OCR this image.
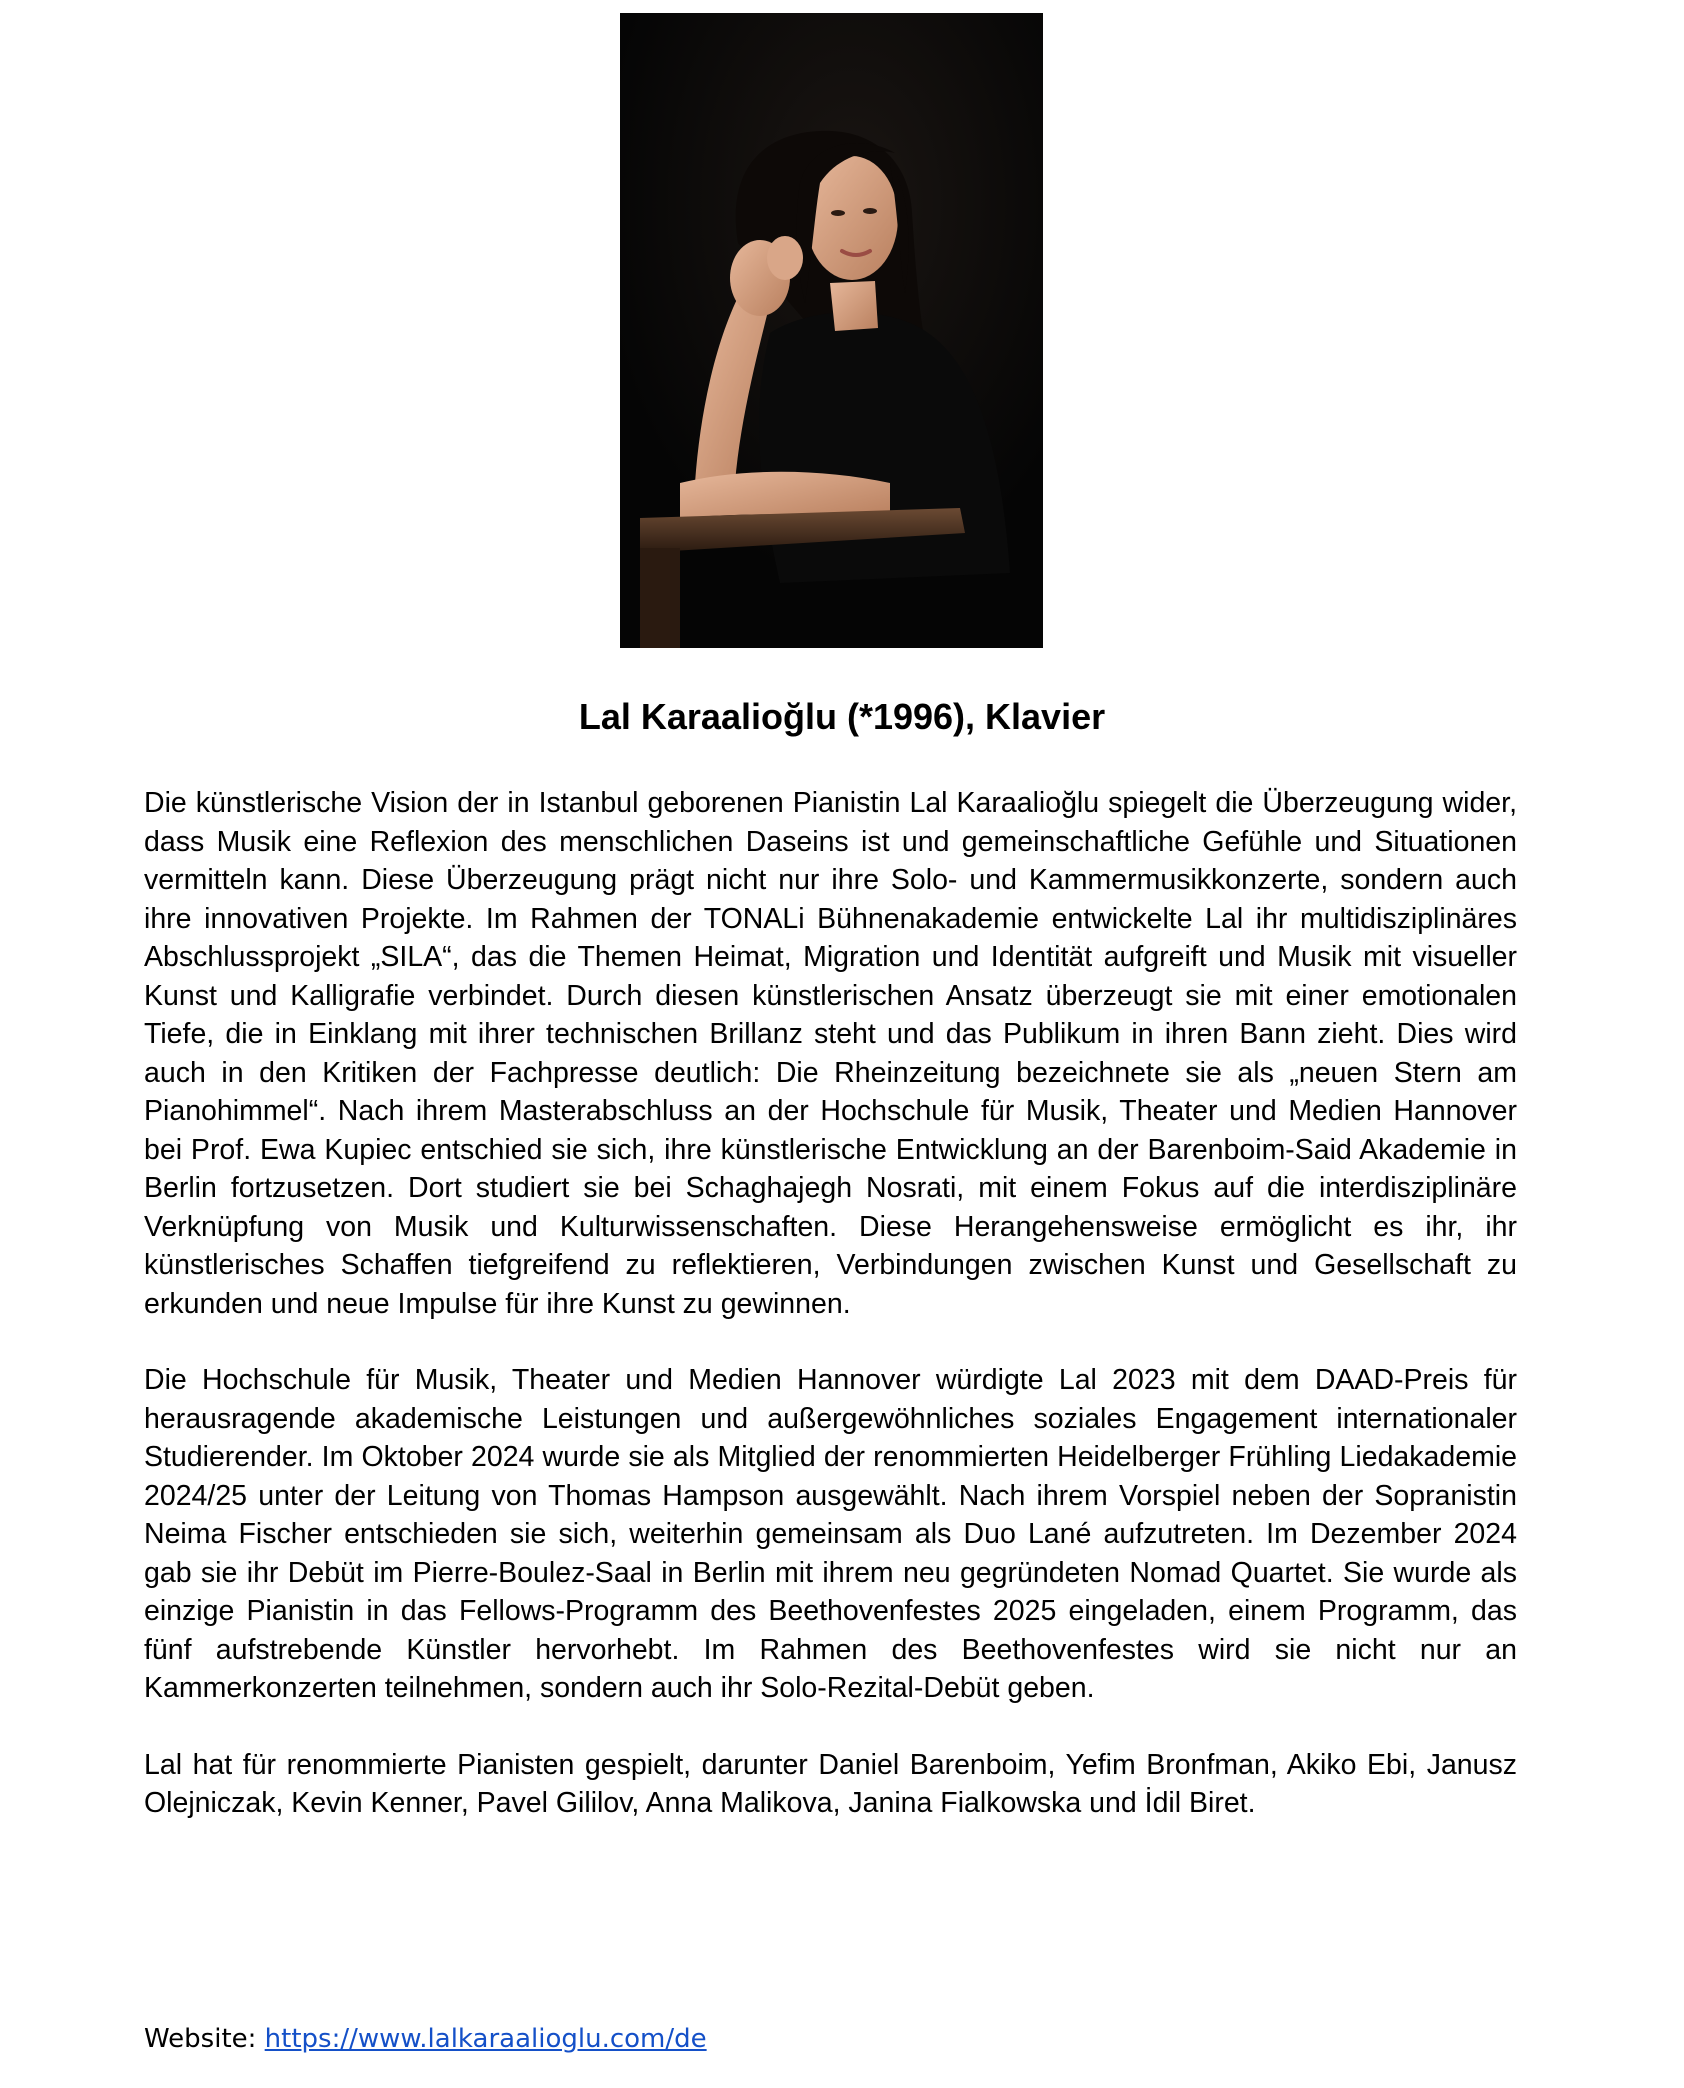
Lal Karaalioğlu (*1996), Klavier

Die künstlerische Vision der in Istanbul geborenen Pianistin Lal Karaalioğlu spiegelt die Überzeugung wider, dass Musik eine Reflexion des menschlichen Daseins ist und gemeinschaftliche Gefühle und Situationen vermitteln kann. Diese Überzeugung prägt nicht nur ihre Solo- und Kammermusikkonzerte, sondern auch ihre innovativen Projekte. Im Rahmen der TONALi Bühnenakademie entwickelte Lal ihr multidisziplinäres Abschlussprojekt „SILA“, das die Themen Heimat, Migration und Identität aufgreift und Musik mit visueller Kunst und Kalligrafie verbindet. Durch diesen künstlerischen Ansatz überzeugt sie mit einer emotionalen Tiefe, die in Einklang mit ihrer technischen Brillanz steht und das Publikum in ihren Bann zieht. Dies wird auch in den Kritiken der Fachpresse deutlich: Die Rheinzeitung bezeichnete sie als „neuen Stern am Pianohimmel“. Nach ihrem Masterabschluss an der Hochschule für Musik, Theater und Medien Hannover bei Prof. Ewa Kupiec entschied sie sich, ihre künstlerische Entwicklung an der Barenboim-Said Akademie in Berlin fortzusetzen. Dort studiert sie bei Schaghajegh Nosrati, mit einem Fokus auf die interdisziplinäre Verknüpfung von Musik und Kulturwissenschaften. Diese Herangehensweise ermöglicht es ihr, ihr künstlerisches Schaffen tiefgreifend zu reflektieren, Verbindungen zwischen Kunst und Gesellschaft zu erkunden und neue Impulse für ihre Kunst zu gewinnen.

Die Hochschule für Musik, Theater und Medien Hannover würdigte Lal 2023 mit dem DAAD-Preis für herausragende akademische Leistungen und außergewöhnliches soziales Engagement internationaler Studierender. Im Oktober 2024 wurde sie als Mitglied der renommierten Heidelberger Frühling Liedakademie 2024/25 unter der Leitung von Thomas Hampson ausgewählt. Nach ihrem Vorspiel neben der Sopranistin Neima Fischer entschieden sie sich, weiterhin gemeinsam als Duo Lané aufzutreten. Im Dezember 2024 gab sie ihr Debüt im Pierre-Boulez-Saal in Berlin mit ihrem neu gegründeten Nomad Quartet. Sie wurde als einzige Pianistin in das Fellows-Programm des Beethovenfestes 2025 eingeladen, einem Programm, das fünf aufstrebende Künstler hervorhebt. Im Rahmen des Beethovenfestes wird sie nicht nur an Kammerkonzerten teilnehmen, sondern auch ihr Solo-Rezital-Debüt geben.

Lal hat für renommierte Pianisten gespielt, darunter Daniel Barenboim, Yefim Bronfman, Akiko Ebi, Janusz Olejniczak, Kevin Kenner, Pavel Gililov, Anna Malikova, Janina Fialkowska und İdil Biret.

Website: https://www.lalkaraalioglu.com/de
